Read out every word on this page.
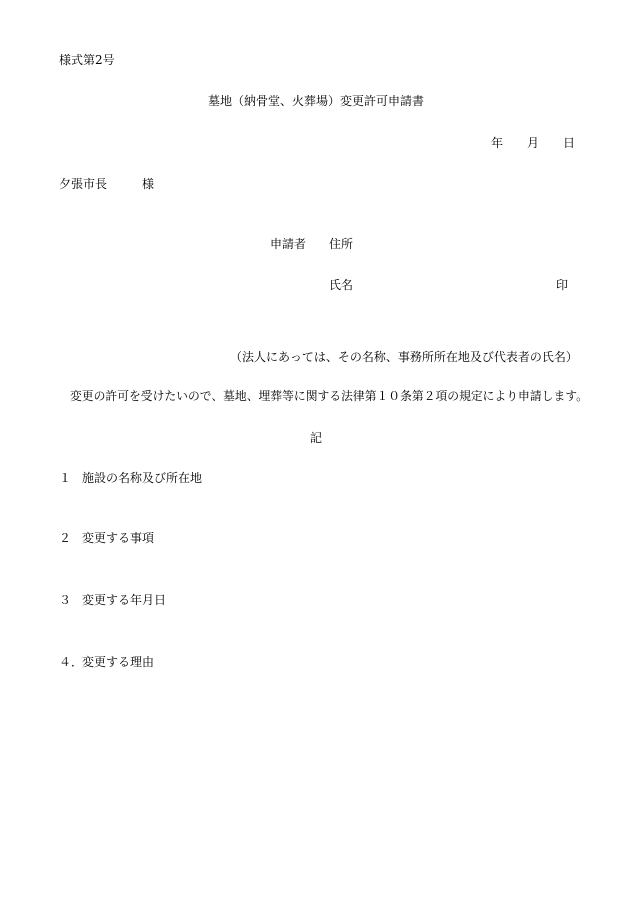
様式第2号
墓地（納骨堂、火葬場）変更許可申請書
年 月 日
夕張市長	様
申請者 住所
氏名	印
（法人にあっては、その名称、事務所所在地及び代表者の氏名）
変更の許可を受けたいので、墓地、埋葬等に関する法律第１０条第２項の規定により申請します。
記
１ 施設の名称及び所在地
２ 変更する事項
３ 変更する年月日
４．
変更する理由
